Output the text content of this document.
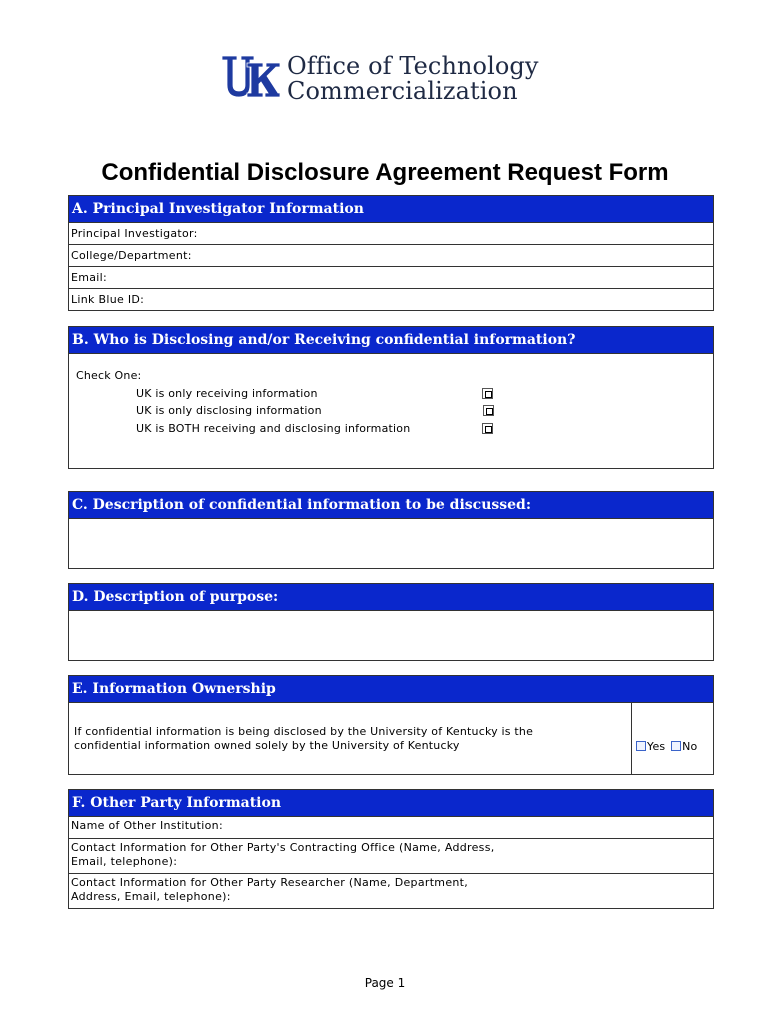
Office of Technology
Commercialization
Confidential Disclosure Agreement Request Form
A. Principal Investigator Information
Principal Investigator:
College/Department:
Email:
Link Blue ID:
B. Who is Disclosing and/or Receiving confidential information?
Check One:
UK is only receiving information
UK is only disclosing information
UK is BOTH receiving and disclosing information
C. Description of confidential information to be discussed:
D. Description of purpose:
E. Information Ownership
If confidential information is being disclosed by the University of Kentucky is the confidential information owned solely by the University of Kentucky	Yes No
F. Other Party Information
Name of Other Institution:
Contact Information for Other Party's Contracting Office (Name, Address,
Email, telephone):
Contact Information for Other Party Researcher (Name, Department,
Address, Email, telephone):
Page 1
